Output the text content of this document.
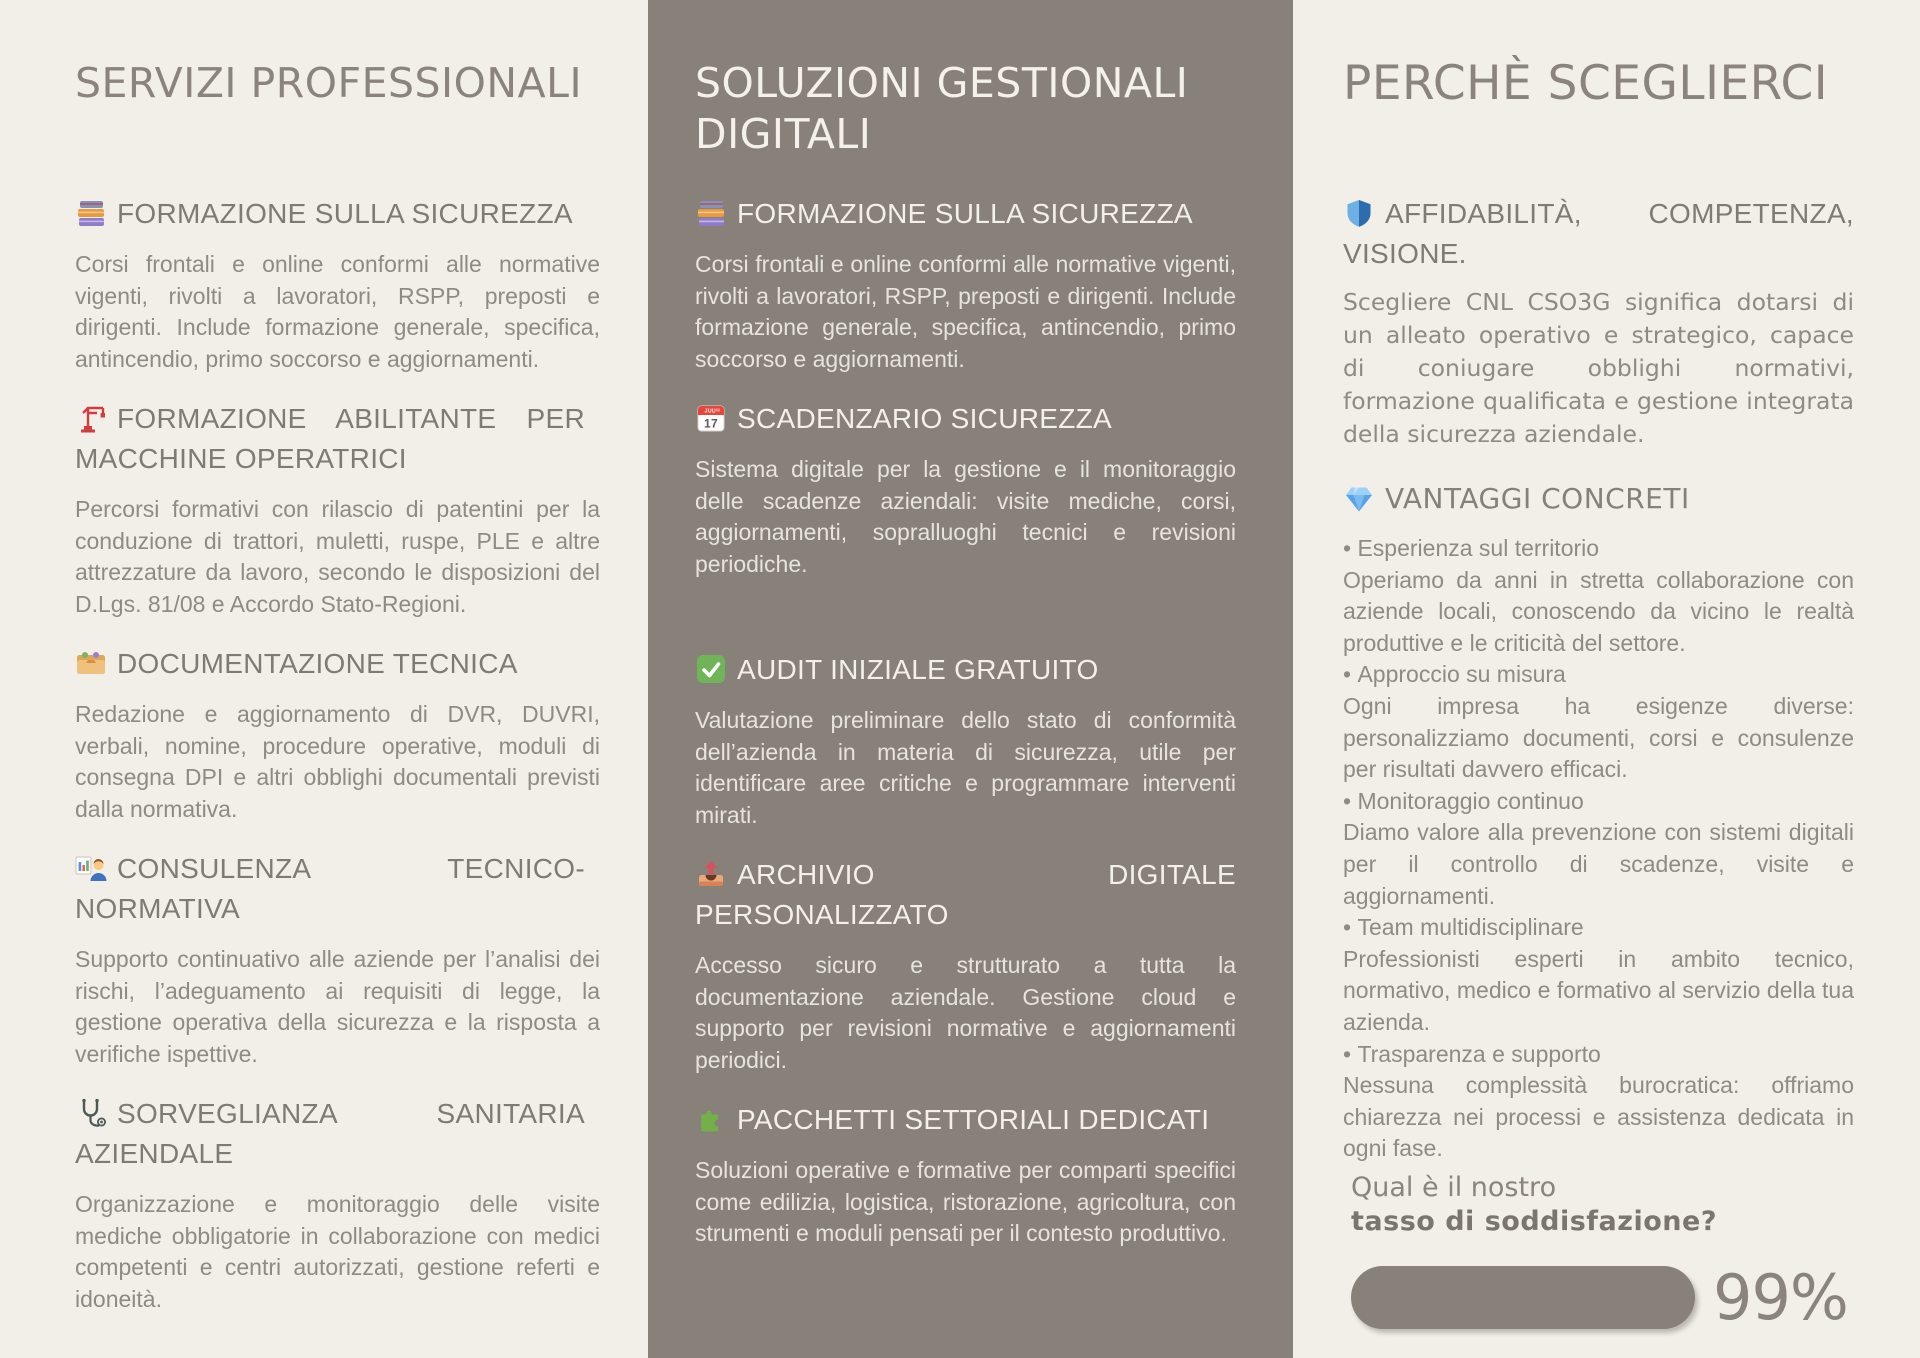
SERVIZI PROFESSIONALI
FORMAZIONE SULLA SICUREZZA

Corsi frontali e online conformi alle normative vigenti, rivolti a lavoratori, RSPP, preposti e dirigenti. Include formazione generale, specifica, antincendio, primo soccorso e aggiornamenti.

FORMAZIONE ABILITANTE PER MACCHINE OPERATRICI

Percorsi formativi con rilascio di patentini per la conduzione di trattori, muletti, ruspe, PLE e altre attrezzature da lavoro, secondo le disposizioni del D.Lgs. 81/08 e Accordo Stato-Regioni.

DOCUMENTAZIONE TECNICA

Redazione e aggiornamento di DVR, DUVRI, verbali, nomine, procedure operative, moduli di consegna DPI e altri obblighi documentali previsti dalla normativa.

CONSULENZA TECNICO-NORMATIVA

Supporto continuativo alle aziende per l’analisi dei rischi, l’adeguamento ai requisiti di legge, la gestione operativa della sicurezza e la risposta a verifiche ispettive.

SORVEGLIANZA SANITARIA AZIENDALE

Organizzazione e monitoraggio delle visite mediche obbligatorie in collaborazione con medici competenti e centri autorizzati, gestione referti e idoneità.

SOLUZIONI GESTIONALI DIGITALI
FORMAZIONE SULLA SICUREZZA

Corsi frontali e online conformi alle normative vigenti, rivolti a lavoratori, RSPP, preposti e dirigenti. Include formazione generale, specifica, antincendio, primo soccorso e aggiornamenti.

SCADENZARIO SICUREZZA

Sistema digitale per la gestione e il monitoraggio delle scadenze aziendali: visite mediche, corsi, aggiornamenti, sopralluoghi tecnici e revisioni periodiche.

AUDIT INIZIALE GRATUITO

Valutazione preliminare dello stato di conformità dell’azienda in materia di sicurezza, utile per identificare aree critiche e programmare interventi mirati.

ARCHIVIO DIGITALE PERSONALIZZATO

Accesso sicuro e strutturato a tutta la documentazione aziendale. Gestione cloud e supporto per revisioni normative e aggiornamenti periodici.

PACCHETTI SETTORIALI DEDICATI

Soluzioni operative e formative per comparti specifici come edilizia, logistica, ristorazione, agricoltura, con strumenti e moduli pensati per il contesto produttivo.

PERCHÈ SCEGLIERCI
AFFIDABILITÀ, COMPETENZA, VISIONE.

Scegliere CNL CSO3G significa dotarsi di un alleato operativo e strategico, capace di coniugare obblighi normativi, formazione qualificata e gestione integrata della sicurezza aziendale.

VANTAGGI CONCRETI
• Esperienza sul territorio

Operiamo da anni in stretta collaborazione con aziende locali, conoscendo da vicino le realtà produttive e le criticità del settore.

• Approccio su misura

Ogni impresa ha esigenze diverse: personalizziamo documenti, corsi e consulenze per risultati davvero efficaci.

• Monitoraggio continuo

Diamo valore alla prevenzione con sistemi digitali per il controllo di scadenze, visite e aggiornamenti.

• Team multidisciplinare

Professionisti esperti in ambito tecnico, normativo, medico e formativo al servizio della tua azienda.

• Trasparenza e supporto

Nessuna complessità burocratica: offriamo chiarezza nei processi e assistenza dedicata in ogni fase.

Qual è il nostro
tasso di soddisfazione?
99%
